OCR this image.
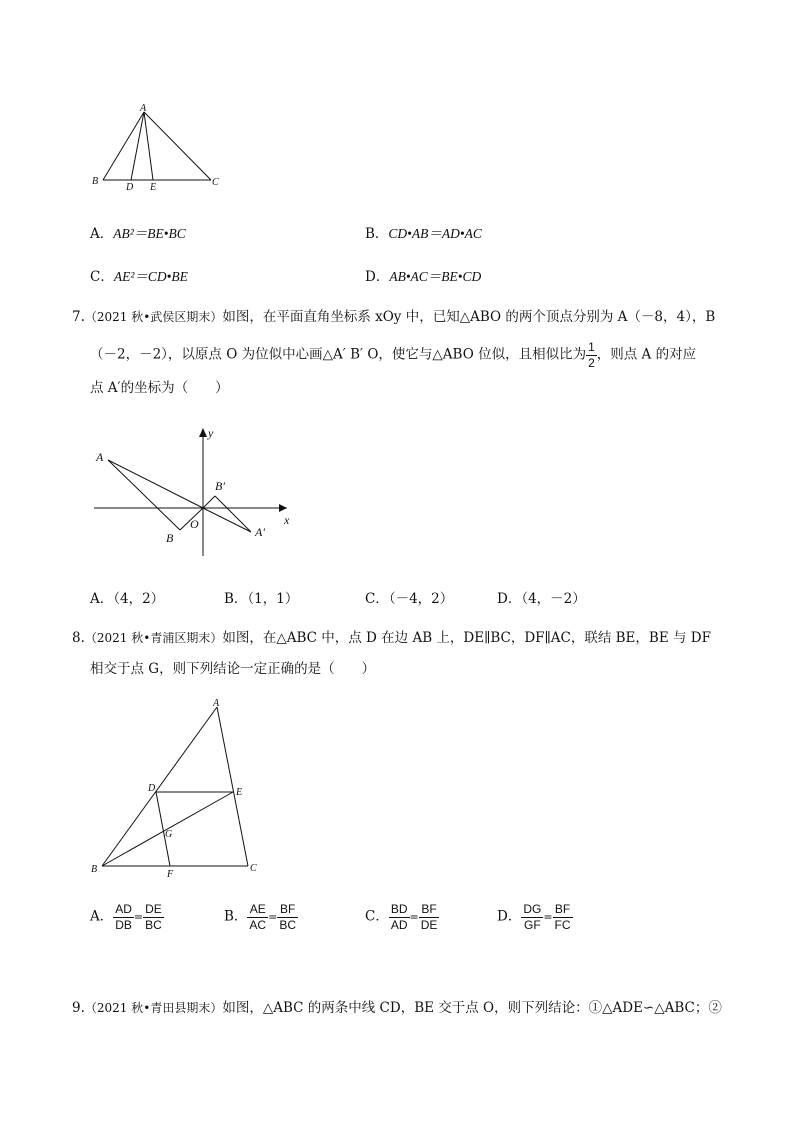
A
B
D E	C
A．AB²＝BE•BC	B．CD•AB＝AD•AC
C．AE²＝CD•BE	D．AB•AC＝BE•CD
7.（2021 秋•武侯区期末）如图，在平面直角坐标系 xOy 中，已知△ABO 的两个顶点分别为 A（－8，4），B
（－2，－2），以原点 O 为位似中心画△A′ B′ O，使它与△ABO 位似，且相似比为 $\frac{1}{2}$ ，则点 A 的对应
点 A′的坐标为（　　）
y
x
A
B
O
B′
A′
A．（4，2）	B．（1，1）	C．（－4，2）	D．（4，－2）
8.（2021 秋•青浦区期末）如图，在△ABC 中，点 D 在边 AB 上，DE∥BC，DF∥AC，联结 BE，BE 与 DF
相交于点 G，则下列结论一定正确的是（　　）
A
B	C
D	E
F
G
A． $\frac{AD}{DB} = \frac{DE}{BC}$	B． $\frac{AE}{AC} = \frac{BF}{BC}$	C． $\frac{BD}{AD} = \frac{BF}{DE}$	D． $\frac{DG}{GF} = \frac{BF}{FC}$
9.（2021 秋•青田县期末）如图，△ABC 的两条中线 CD，BE 交于点 O，则下列结论：①△ADE∽△ABC；②
